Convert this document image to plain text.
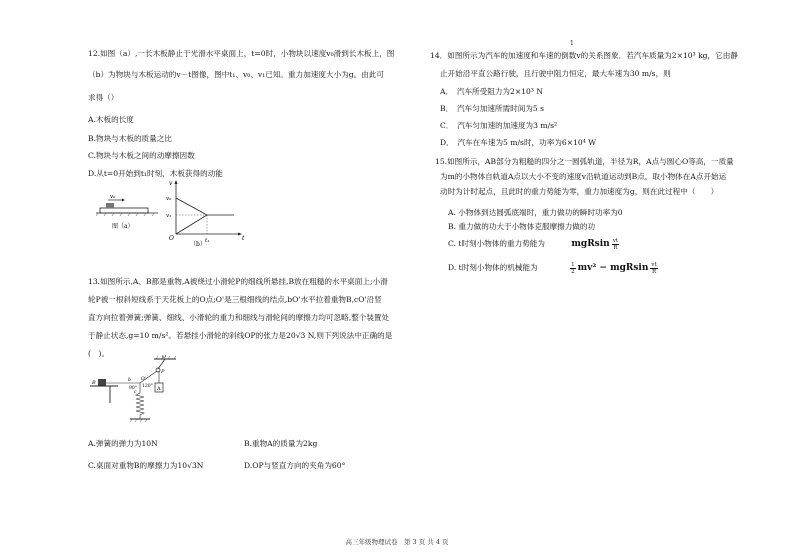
12.如图（a）,一长木板静止于光滑水平桌面上，t=0时，小物块以速度v₀滑到长木板上，图
（b）为物块与木板运动的v－t图像，图中t₁、v₀、v₁已知。重力加速度大小为g。由此可
求得（）
A.木板的长度
B.物块与木板的质量之比
C.物块与木板之间的动摩擦因数
D.从t=0开始到t₁时刻，木板获得的动能
v₀
图（a）
v
t
O
v₀
v₁
t₁
（b）
13.如图所示,A、B都是重物,A被绕过小滑轮P的细线所悬挂,B放在粗糙的水平桌面上;小滑
轮P被一根斜短线系于天花板上的O点;O'是三根细线的结点,bO'水平拉着重物B,cO'沿竖
直方向拉着弹簧;弹簧、细线、小滑轮的重力和细线与滑轮间的摩擦力均可忽略,整个装置处
于静止状态,g=10 m/s²。若悬挂小滑轮的斜线OP的张力是20√3 N,则下列说法中正确的是
(　)。	O
P
A
b
90° 120°
O'
B
c
A.弹簧的弹力为10N	B.重物A的质量为2kg
C.桌面对重物B的摩擦力为10√3N	D.OP与竖直方向的夹角为60°
1
14．如图所示为汽车的加速度和车速的倒数v的关系图象．若汽车质量为2×10³ kg，它由静
止开始沿平直公路行驶，且行驶中阻力恒定，最大车速为30 m/s，则
A．　汽车所受阻力为2×10³ N
B．　汽车匀加速所需时间为5 s
C．　汽车匀加速的加速度为3 m/s²
D．　汽车在车速为5 m/s时，功率为6×10⁴ W
15.如图所示，AB部分为粗糙的四分之一圆弧轨道，半径为R，A点与圆心O等高，一质量
为m的小物体自轨道A点以大小不变的速度v沿轨道运动到B点，取小物体在A点开始运
动时为计时起点，且此时的重力势能为零，重力加速度为g，则在此过程中（　　）
A. 小物体到达圆弧底端时，重力做功的瞬时功率为0
B. 重力做的功大于小物体克服摩擦力做的功
C. t时刻小物体的重力势能为	mgRsin $\frac{vt}{R}$
D. t时刻小物体的机械能为	$\frac{1}{2} mv^2 - mgRsin \frac{vt}{R}$
高三年级物理试卷　第 3 页 共 4 页
